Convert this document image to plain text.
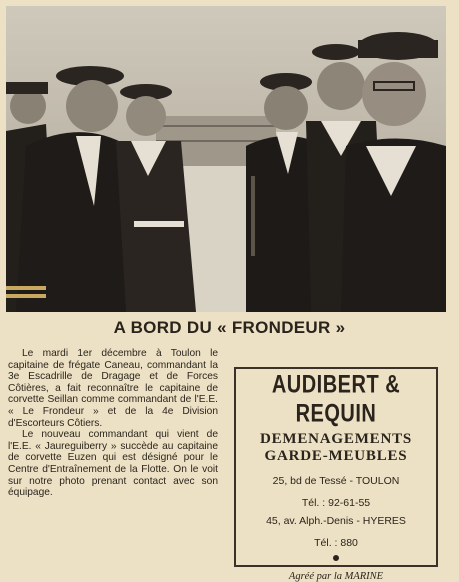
A BORD DU « FRONDEUR »

Le mardi 1er décembre à Toulon le capitaine de frégate Caneau, commandant la 3e Escadrille de Dragage et de Forces Côtières, a fait reconnaître le capitaine de corvette Seillan comme commandant de l'E.E. « Le Frondeur » et de la 4e Division d'Escorteurs Côtiers.

Le nouveau commandant qui vient de l'E.E. « Jaureguiberry » succède au capitaine de corvette Euzen qui est désigné pour le Centre d'Entraînement de la Flotte. On le voit sur notre photo prenant contact avec son équipage.

AUDIBERT & REQUIN
DEMENAGEMENTS
GARDE-MEUBLES
25, bd de Tessé - TOULON
Tél. : 92-61-55
45, av. Alph.-Denis - HYERES
Tél. : 880
Agréé par la MARINE
